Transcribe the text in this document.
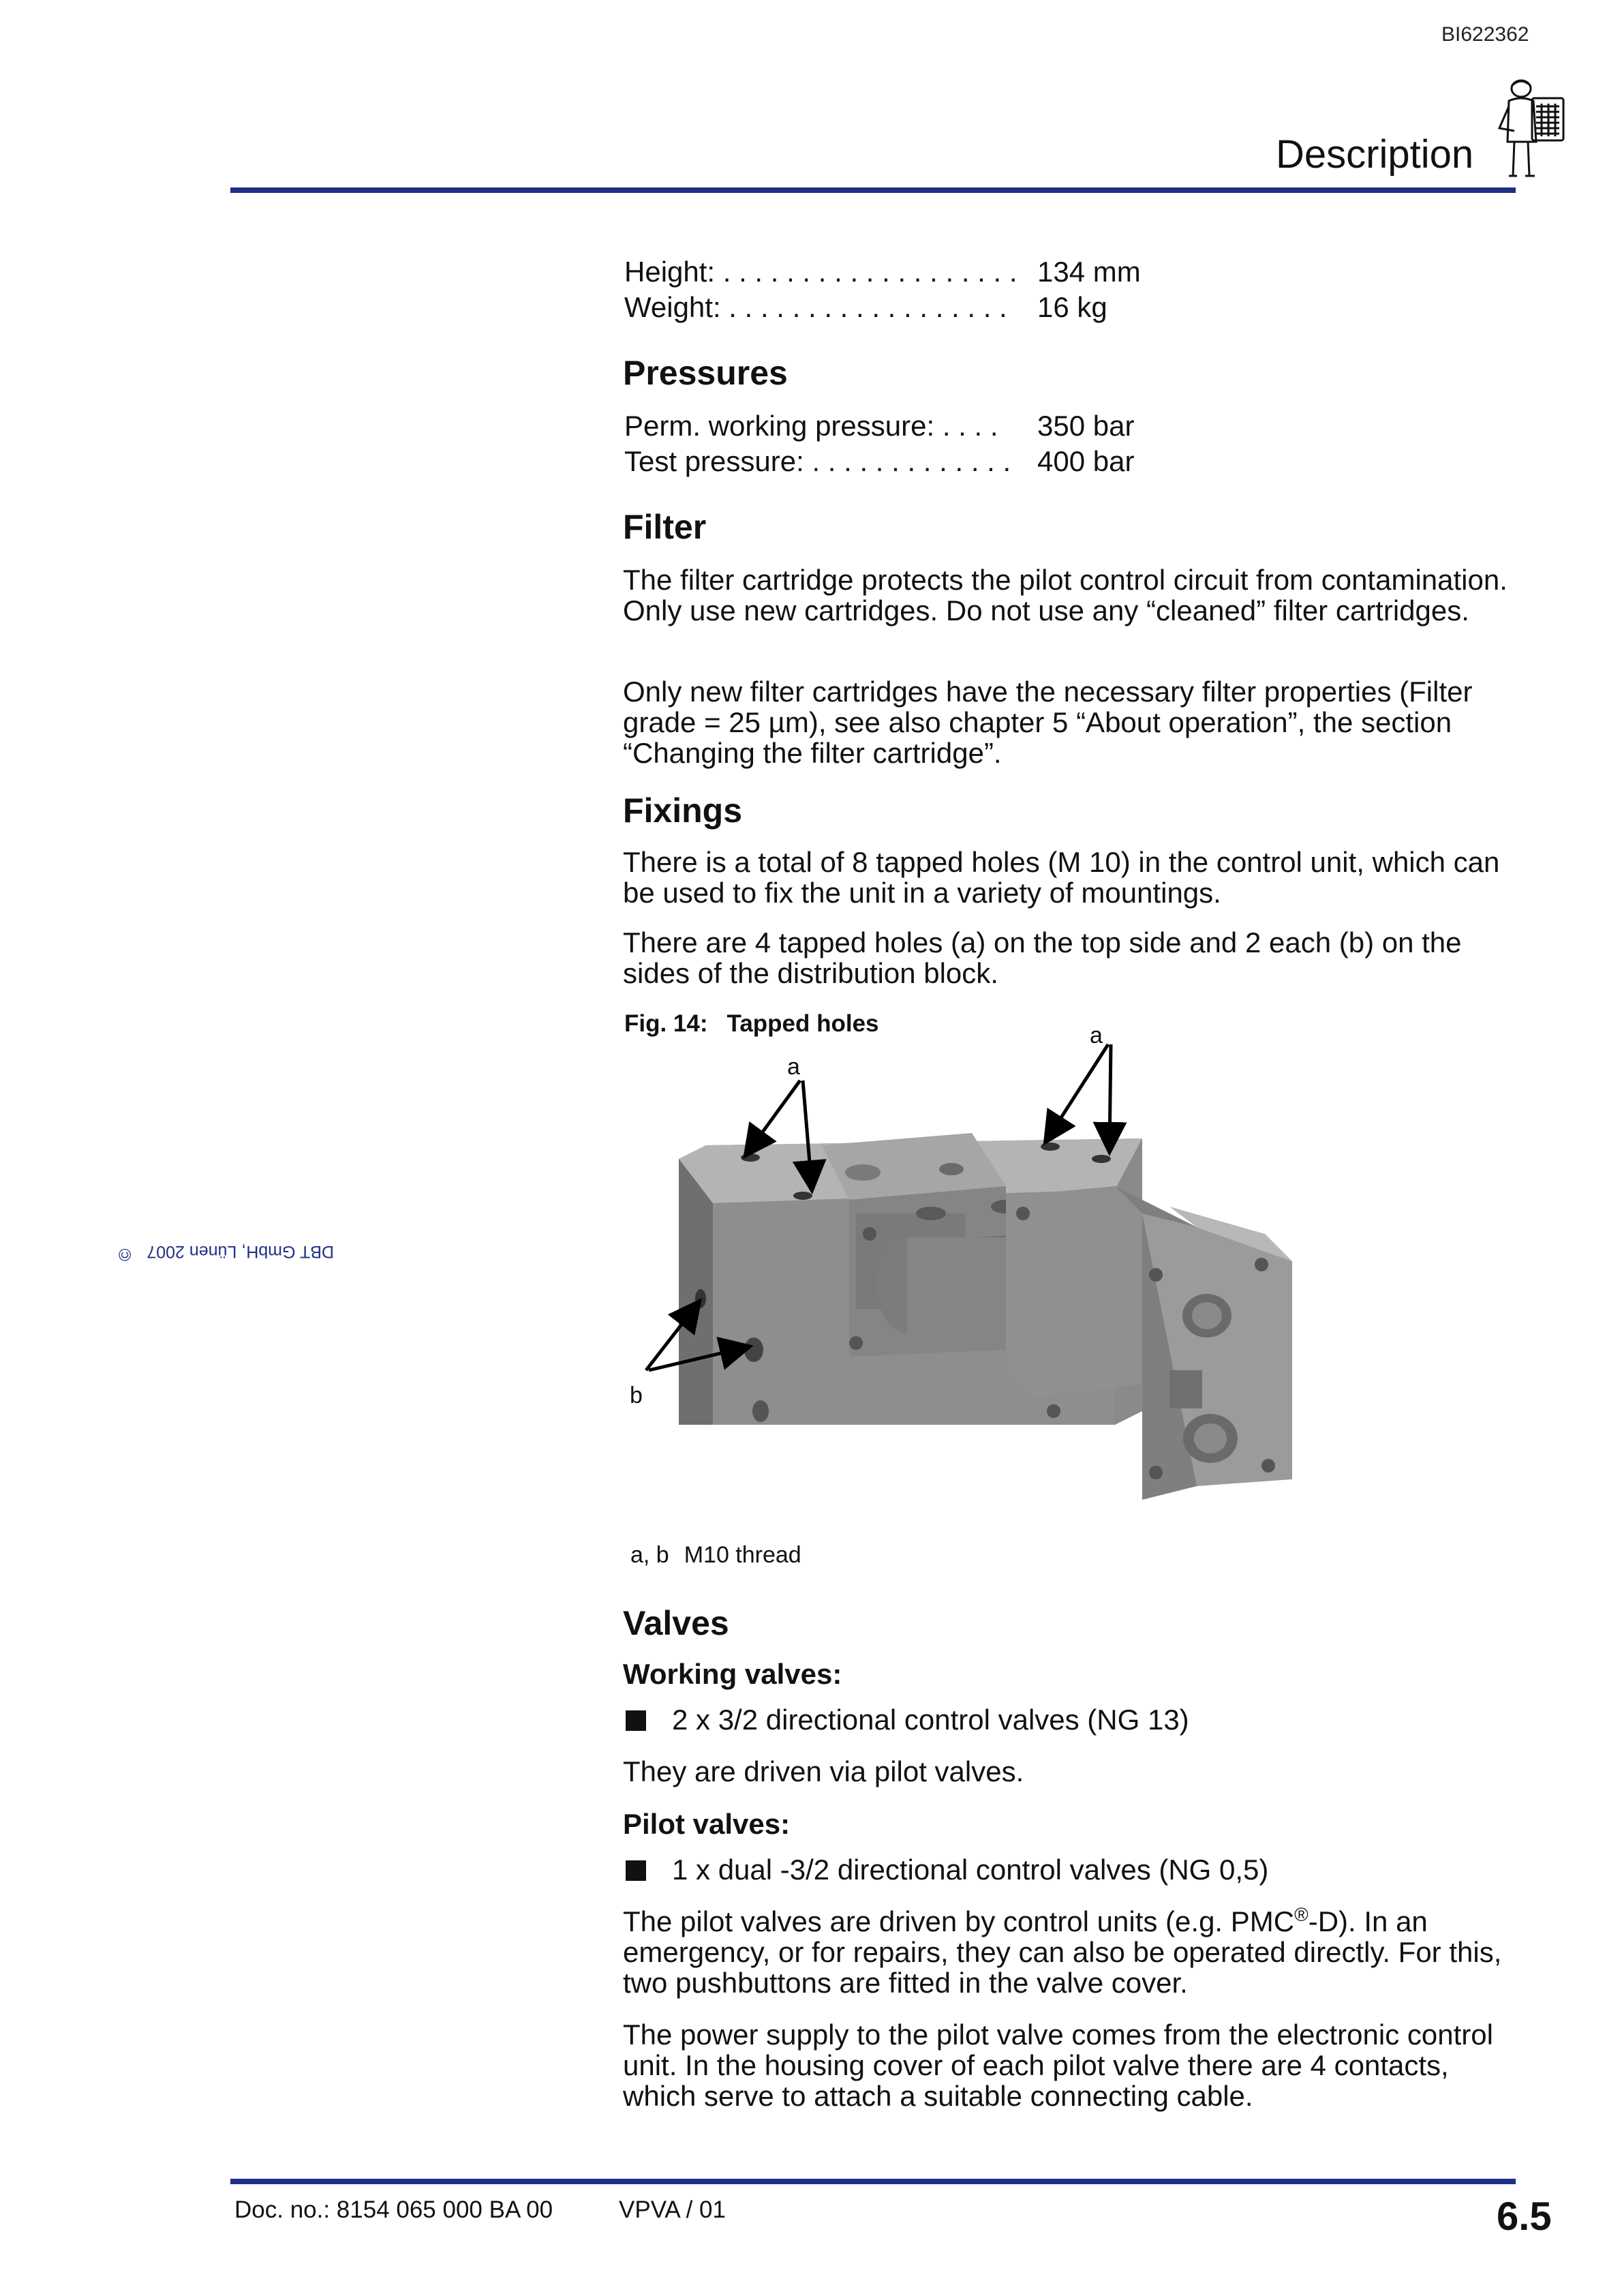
BI622362
Description
DBT GmbH, Lünen 2007
©
Height: . . . . . . . . . . . . . . . . . . . 134 mm
Weight: . . . . . . . . . . . . . . . . . .	16 kg
Pressures
Perm. working pressure: . . . .	350 bar
Test pressure: . . . . . . . . . . . . . 400 bar
Filter

The filter cartridge protects the pilot control circuit from contamination. Only use new cartridges. Do not use any “cleaned” filter cartridges.

Only new filter cartridges have the necessary filter properties (Filter grade = 25 µm), see also chapter 5 “About operation”, the section “Changing the filter cartridge”.

Fixings

There is a total of 8 tapped holes (M 10) in the control unit, which can be used to fix the unit in a variety of mountings.

There are 4 tapped holes (a) on the top side and 2 each (b) on the sides of the distribution block.

Fig. 14: Tapped holes
a
a
b
a, b M10 thread
Valves
Working valves:
2 x 3/2 directional control valves (NG 13)

They are driven via pilot valves.

Pilot valves:
1 x dual -3/2 directional control valves (NG 0,5)

The pilot valves are driven by control units (e.g. PMC®-D). In an emergency, or for repairs, they can also be operated directly. For this, two pushbuttons are fitted in the valve cover.

The power supply to the pilot valve comes from the electronic control unit. In the housing cover of each pilot valve there are 4 contacts, which serve to attach a suitable connecting cable.

Doc. no.: 8154 065 000 BA 00	VPVA / 01	6.5
